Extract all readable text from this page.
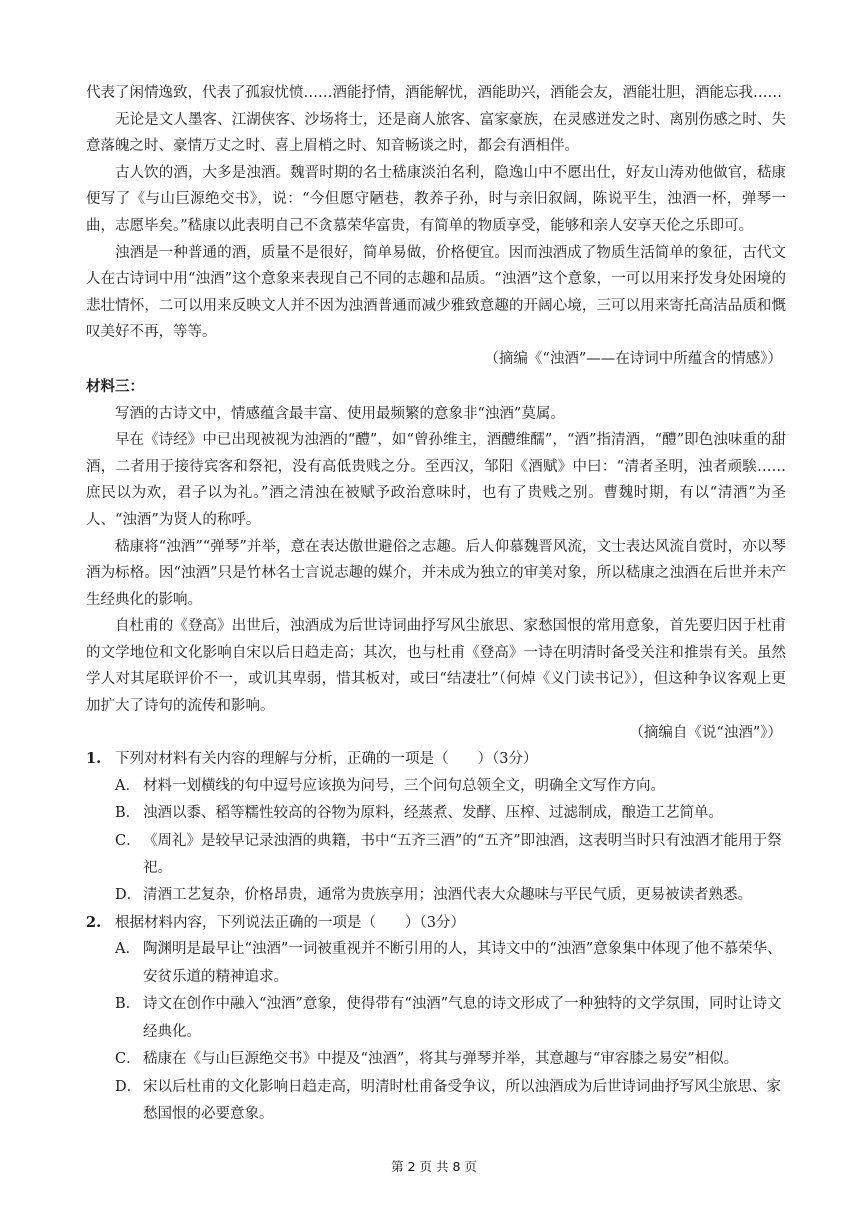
代表了闲情逸致，代表了孤寂忧愤……酒能抒情，酒能解忧，酒能助兴，酒能会友，酒能壮胆，酒能忘我……

无论是文人墨客、江湖侠客、沙场将士，还是商人旅客、富家豪族，在灵感迸发之时、离别伤感之时、失意落魄之时、豪情万丈之时、喜上眉梢之时、知音畅谈之时，都会有酒相伴。

古人饮的酒，大多是浊酒。魏晋时期的名士嵇康淡泊名利，隐逸山中不愿出仕，好友山涛劝他做官，嵇康便写了《与山巨源绝交书》，说：“今但愿守陋巷，教养子孙，时与亲旧叙阔，陈说平生，浊酒一杯，弹琴一曲，志愿毕矣。”嵇康以此表明自己不贪慕荣华富贵，有简单的物质享受，能够和亲人安享天伦之乐即可。

浊酒是一种普通的酒，质量不是很好，简单易做，价格便宜。因而浊酒成了物质生活简单的象征，古代文人在古诗词中用“浊酒”这个意象来表现自己不同的志趣和品质。“浊酒”这个意象，一可以用来抒发身处困境的悲壮情怀，二可以用来反映文人并不因为浊酒普通而减少雅致意趣的开阔心境，三可以用来寄托高洁品质和慨叹美好不再，等等。

（摘编《“浊酒”——在诗词中所蕴含的情感》）

材料三：

写酒的古诗文中，情感蕴含最丰富、使用最频繁的意象非“浊酒”莫属。

早在《诗经》中已出现被视为浊酒的“醴”，如“曾孙维主，酒醴维醹”，“酒”指清酒，“醴”即色浊味重的甜酒，二者用于接待宾客和祭祀，没有高低贵贱之分。至西汉，邹阳《酒赋》中曰：“清者圣明，浊者顽騃……庶民以为欢，君子以为礼。”酒之清浊在被赋予政治意味时，也有了贵贱之别。曹魏时期，有以“清酒”为圣人、“浊酒”为贤人的称呼。

嵇康将“浊酒”“弹琴”并举，意在表达傲世避俗之志趣。后人仰慕魏晋风流，文士表达风流自赏时，亦以琴酒为标格。因“浊酒”只是竹林名士言说志趣的媒介，并未成为独立的审美对象，所以嵇康之浊酒在后世并未产生经典化的影响。

自杜甫的《登高》出世后，浊酒成为后世诗词曲抒写风尘旅思、家愁国恨的常用意象，首先要归因于杜甫的文学地位和文化影响自宋以后日趋走高；其次，也与杜甫《登高》一诗在明清时备受关注和推崇有关。虽然学人对其尾联评价不一，或讥其卑弱，惜其板对，或曰“结凄壮”（何焯《义门读书记》），但这种争议客观上更加扩大了诗句的流传和影响。

（摘编自《说“浊酒”》）

1. 下列对材料有关内容的理解与分析，正确的一项是（　　）（3分）

A． 材料一划横线的句中逗号应该换为问号，三个问句总领全文，明确全文写作方向。

B． 浊酒以黍、稻等糯性较高的谷物为原料，经蒸煮、发酵、压榨、过滤制成，酿造工艺简单。

C． 《周礼》是较早记录浊酒的典籍，书中“五齐三酒”的“五齐”即浊酒，这表明当时只有浊酒才能用于祭祀。

D． 清酒工艺复杂，价格昂贵，通常为贵族享用；浊酒代表大众趣味与平民气质，更易被读者熟悉。

2. 根据材料内容，下列说法正确的一项是（　　）（3分）

A． 陶渊明是最早让“浊酒”一词被重视并不断引用的人，其诗文中的“浊酒”意象集中体现了他不慕荣华、安贫乐道的精神追求。

B． 诗文在创作中融入“浊酒”意象，使得带有“浊酒”气息的诗文形成了一种独特的文学氛围，同时让诗文经典化。

C． 嵇康在《与山巨源绝交书》中提及“浊酒”，将其与弹琴并举，其意趣与“审容膝之易安”相似。

D． 宋以后杜甫的文化影响日趋走高，明清时杜甫备受争议，所以浊酒成为后世诗词曲抒写风尘旅思、家愁国恨的必要意象。

第 2 页 共 8 页
